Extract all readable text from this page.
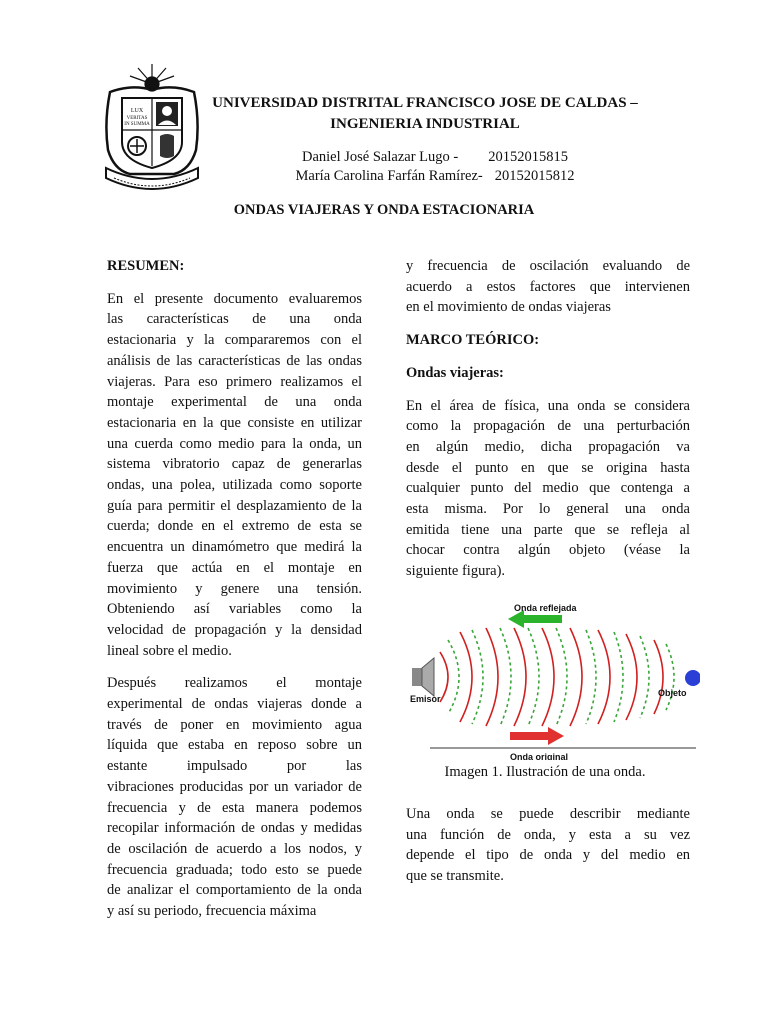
LUX
VERITAS
IN SUMMA
UNIVERSIDAD DISTRITAL FRANCISCO JOSE DE CALDAS –
INGENIERIA INDUSTRIAL
Daniel José Salazar Lugo - 20152015815
María Carolina Farfán Ramírez- 20152015812
ONDAS VIAJERAS Y ONDA ESTACIONARIA

RESUMEN:

En el presente documento evaluaremos

las características de una onda

estacionaria y la compararemos con el

análisis de las características de las ondas

viajeras. Para eso primero realizamos el

montaje experimental de una onda

estacionaria en la que consiste en utilizar

una cuerda como medio para la onda, un

sistema vibratorio capaz de generarlas

ondas, una polea, utilizada como soporte

guía para permitir el desplazamiento de la

cuerda; donde en el extremo de esta se

encuentra un dinamómetro que medirá la

fuerza que actúa en el montaje en

movimiento y genere una tensión.

Obteniendo así variables como la

velocidad de propagación y la densidad

lineal sobre el medio.

Después realizamos el montaje

experimental de ondas viajeras donde a

través de poner en movimiento agua

líquida que estaba en reposo sobre un

estante impulsado por las

vibraciones producidas por un variador de

frecuencia y de esta manera podemos

recopilar información de ondas y medidas

de oscilación de acuerdo a los nodos, y

frecuencia graduada; todo esto se puede

de analizar el comportamiento de la onda

y así su periodo, frecuencia máxima

y frecuencia de oscilación evaluando de

acuerdo a estos factores que intervienen

en el movimiento de ondas viajeras

MARCO TEÓRICO:

Ondas viajeras:

En el área de física, una onda se considera

como la propagación de una perturbación

en algún medio, dicha propagación va

desde el punto en que se origina hasta

cualquier punto del medio que contenga a

esta misma. Por lo general una onda

emitida tiene una parte que se refleja al

chocar contra algún objeto (véase la

siguiente figura).

Onda reflejada
Emisor
Objeto
Onda original
Imagen 1. Ilustración de una onda.

Una onda se puede describir mediante

una función de onda, y esta a su vez

depende el tipo de onda y del medio en

que se transmite.
